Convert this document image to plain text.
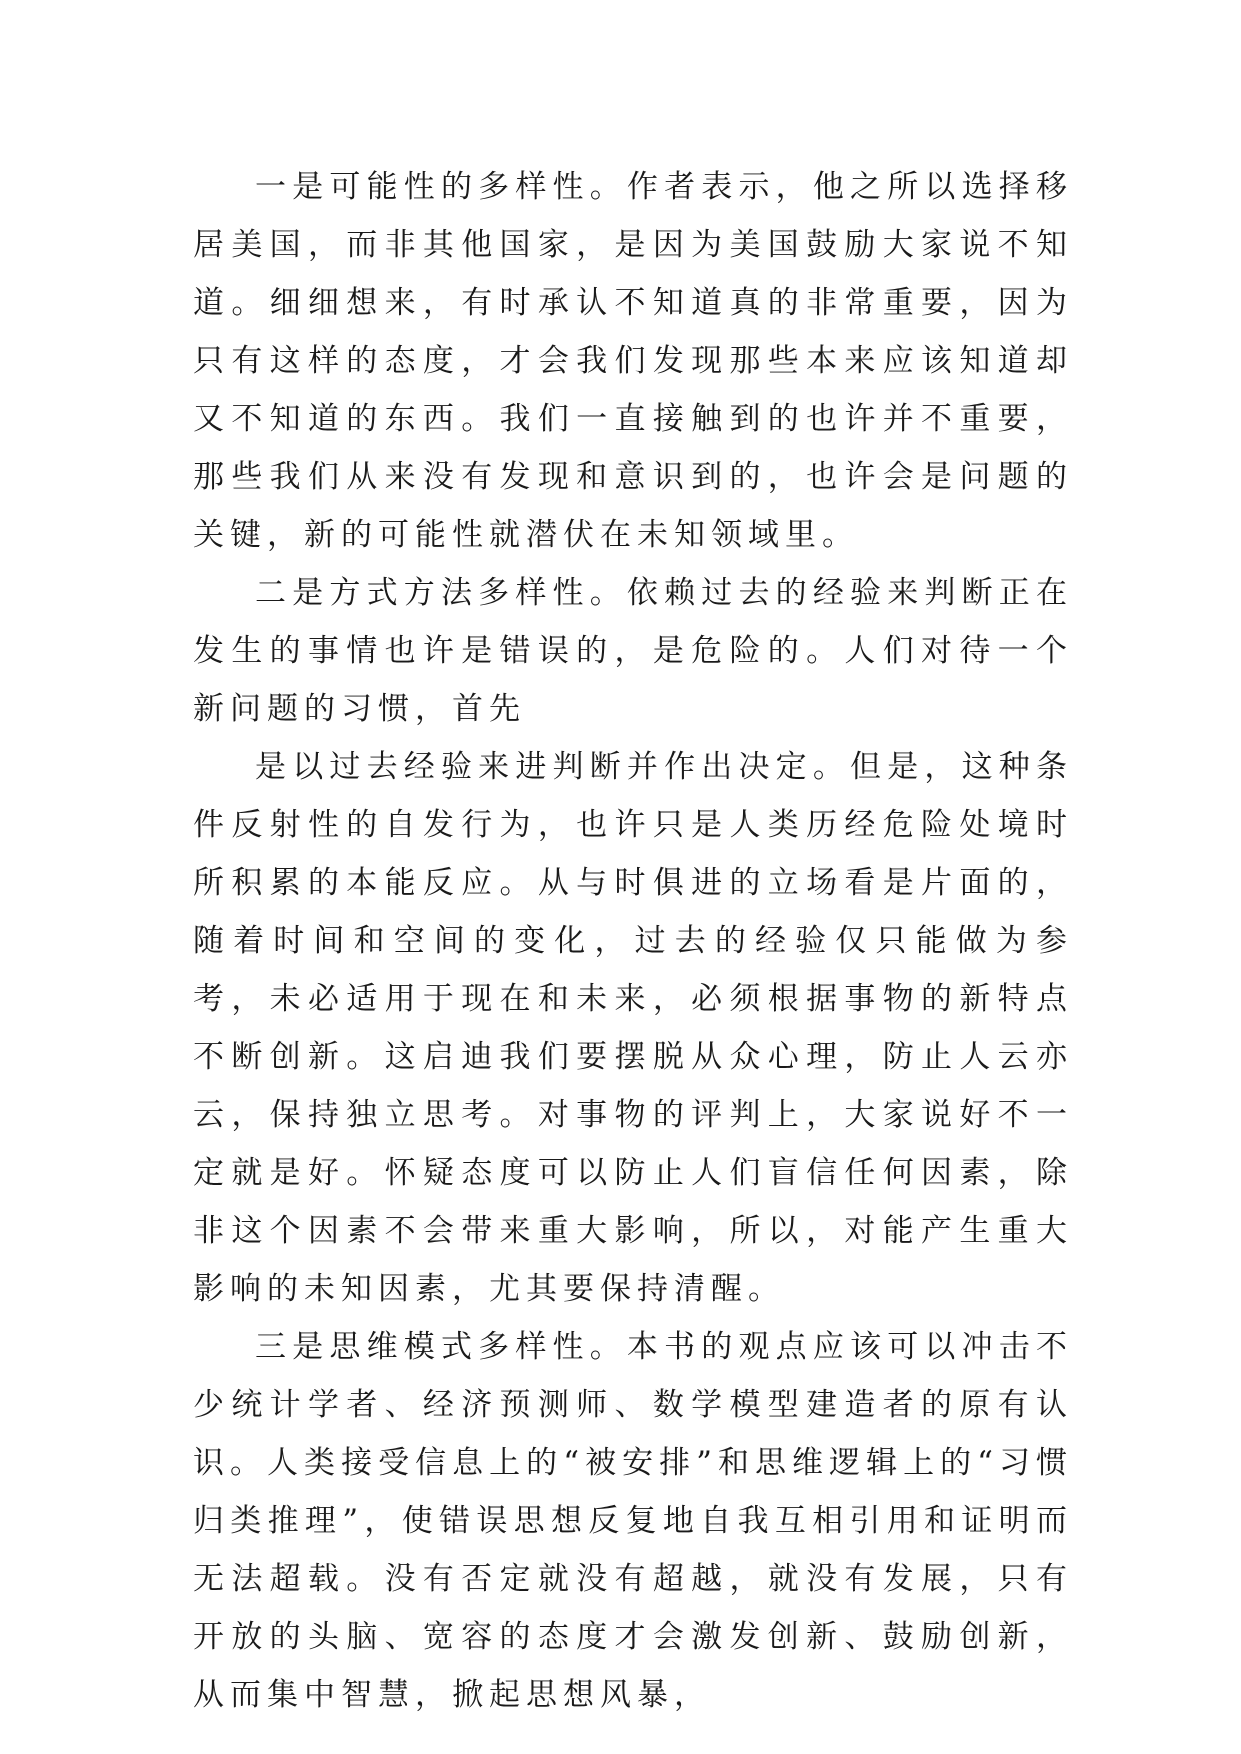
一是可能性的多样性。作者表示，他之所以选择移居美国，而非其他国家，是因为美国鼓励大家说不知道。细细想来，有时承认不知道真的非常重要，因为只有这样的态度，才会我们发现那些本来应该知道却又不知道的东西。我们一直接触到的也许并不重要，那些我们从来没有发现和意识到的，也许会是问题的关键，新的可能性就潜伏在未知领域里。

二是方式方法多样性。依赖过去的经验来判断正在发生的事情也许是错误的，是危险的。人们对待一个新问题的习惯，首先

是以过去经验来进判断并作出决定。但是，这种条件反射性的自发行为，也许只是人类历经危险处境时所积累的本能反应。从与时俱进的立场看是片面的，随着时间和空间的变化，过去的经验仅只能做为参考，未必适用于现在和未来，必须根据事物的新特点不断创新。这启迪我们要摆脱从众心理，防止人云亦云，保持独立思考。对事物的评判上，大家说好不一定就是好。怀疑态度可以防止人们盲信任何因素，除非这个因素不会带来重大影响，所以，对能产生重大影响的未知因素，尤其要保持清醒。

三是思维模式多样性。本书的观点应该可以冲击不少统计学者、经济预测师、数学模型建造者的原有认识。人类接受信息上的“被安排”和思维逻辑上的“习惯归类推理”，使错误思想反复地自我互相引用和证明而无法超载。没有否定就没有超越，就没有发展，只有开放的头脑、宽容的态度才会激发创新、鼓励创新，从而集中智慧，掀起思想风暴，
